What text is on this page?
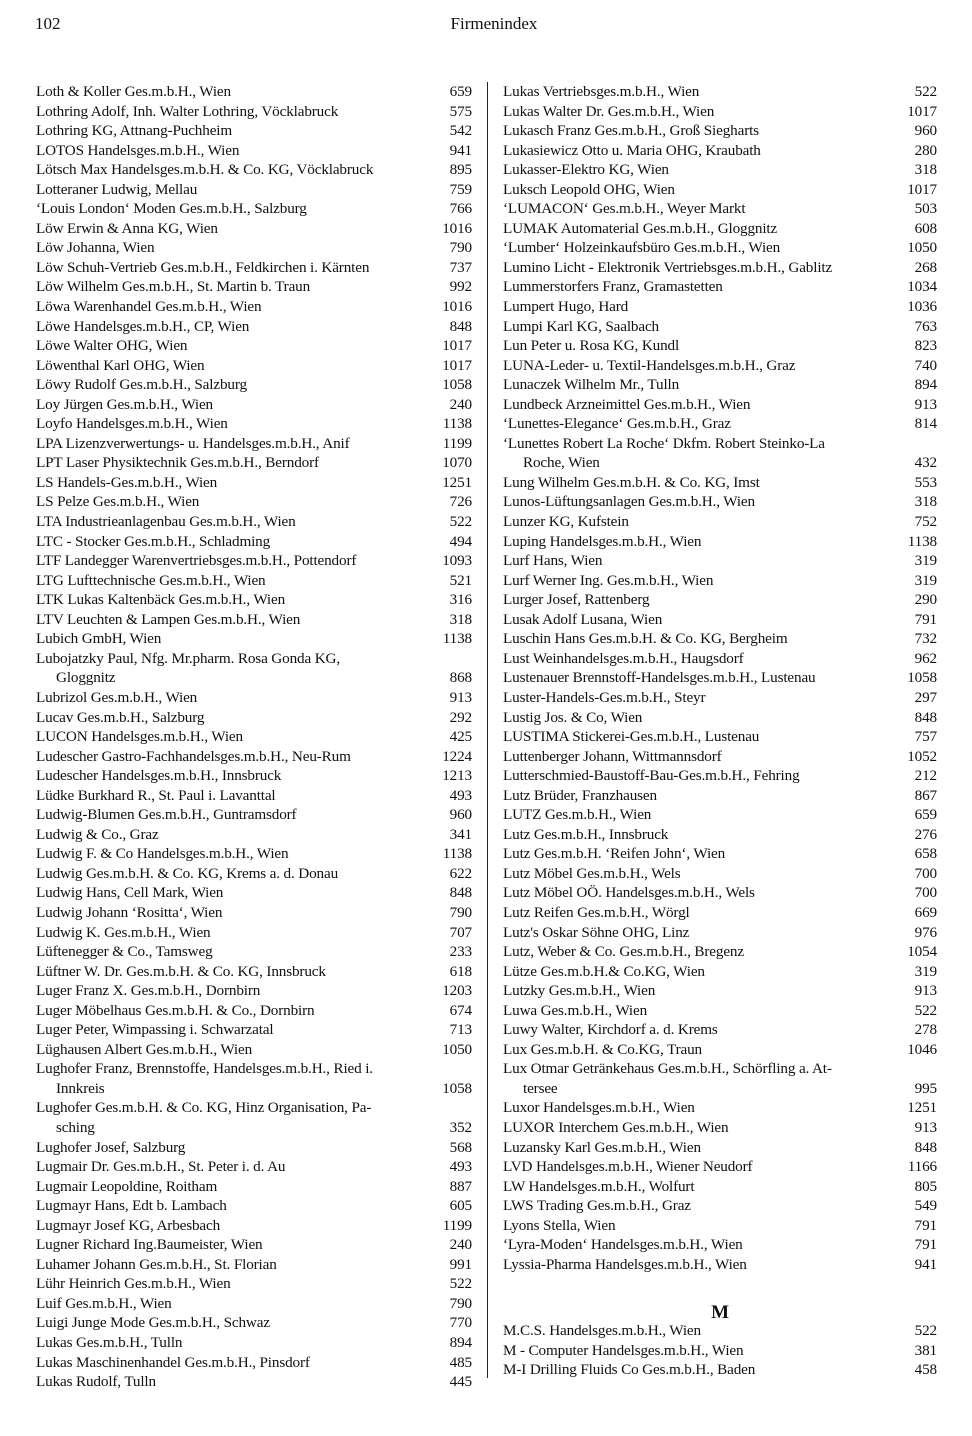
102	Firmenindex
Loth & Koller Ges.m.b.H., Wien	659
Lothring Adolf, Inh. Walter Lothring, Vöcklabruck	575
Lothring KG, Attnang-Puchheim	542
LOTOS Handelsges.m.b.H., Wien	941
Lötsch Max Handelsges.m.b.H. & Co. KG, Vöcklabruck	895
Lotteraner Ludwig, Mellau	759
‘Louis London‘ Moden Ges.m.b.H., Salzburg	766
Löw Erwin & Anna KG, Wien	1016
Löw Johanna, Wien	790
Löw Schuh-Vertrieb Ges.m.b.H., Feldkirchen i. Kärnten	737
Löw Wilhelm Ges.m.b.H., St. Martin b. Traun	992
Löwa Warenhandel Ges.m.b.H., Wien	1016
Löwe Handelsges.m.b.H., CP, Wien	848
Löwe Walter OHG, Wien	1017
Löwenthal Karl OHG, Wien	1017
Löwy Rudolf Ges.m.b.H., Salzburg	1058
Loy Jürgen Ges.m.b.H., Wien	240
Loyfo Handelsges.m.b.H., Wien	1138
LPA Lizenzverwertungs- u. Handelsges.m.b.H., Anif	1199
LPT Laser Physiktechnik Ges.m.b.H., Berndorf	1070
LS Handels-Ges.m.b.H., Wien	1251
LS Pelze Ges.m.b.H., Wien	726
LTA Industrieanlagenbau Ges.m.b.H., Wien	522
LTC - Stocker Ges.m.b.H., Schladming	494
LTF Landegger Warenvertriebsges.m.b.H., Pottendorf	1093
LTG Lufttechnische Ges.m.b.H., Wien	521
LTK Lukas Kaltenbäck Ges.m.b.H., Wien	316
LTV Leuchten & Lampen Ges.m.b.H., Wien	318
Lubich GmbH, Wien	1138
Lubojatzky Paul, Nfg. Mr.pharm. Rosa Gonda KG,
Gloggnitz	868
Lubrizol Ges.m.b.H., Wien	913
Lucav Ges.m.b.H., Salzburg	292
LUCON Handelsges.m.b.H., Wien	425
Ludescher Gastro-Fachhandelsges.m.b.H., Neu-Rum	1224
Ludescher Handelsges.m.b.H., Innsbruck	1213
Lüdke Burkhard R., St. Paul i. Lavanttal	493
Ludwig-Blumen Ges.m.b.H., Guntramsdorf	960
Ludwig & Co., Graz	341
Ludwig F. & Co Handelsges.m.b.H., Wien	1138
Ludwig Ges.m.b.H. & Co. KG, Krems a. d. Donau	622
Ludwig Hans, Cell Mark, Wien	848
Ludwig Johann ‘Rositta‘, Wien	790
Ludwig K. Ges.m.b.H., Wien	707
Lüftenegger & Co., Tamsweg	233
Lüftner W. Dr. Ges.m.b.H. & Co. KG, Innsbruck	618
Luger Franz X. Ges.m.b.H., Dornbirn	1203
Luger Möbelhaus Ges.m.b.H. & Co., Dornbirn	674
Luger Peter, Wimpassing i. Schwarzatal	713
Lüghausen Albert Ges.m.b.H., Wien	1050
Lughofer Franz, Brennstoffe, Handelsges.m.b.H., Ried i.
Innkreis	1058
Lughofer Ges.m.b.H. & Co. KG, Hinz Organisation, Pa-
sching	352
Lughofer Josef, Salzburg	568
Lugmair Dr. Ges.m.b.H., St. Peter i. d. Au	493
Lugmair Leopoldine, Roitham	887
Lugmayr Hans, Edt b. Lambach	605
Lugmayr Josef KG, Arbesbach	1199
Lugner Richard Ing.Baumeister, Wien	240
Luhamer Johann Ges.m.b.H., St. Florian	991
Lühr Heinrich Ges.m.b.H., Wien	522
Luif Ges.m.b.H., Wien	790
Luigi Junge Mode Ges.m.b.H., Schwaz	770
Lukas Ges.m.b.H., Tulln	894
Lukas Maschinenhandel Ges.m.b.H., Pinsdorf	485
Lukas Rudolf, Tulln	445
Lukas Vertriebsges.m.b.H., Wien	522
Lukas Walter Dr. Ges.m.b.H., Wien	1017
Lukasch Franz Ges.m.b.H., Groß Siegharts	960
Lukasiewicz Otto u. Maria OHG, Kraubath	280
Lukasser-Elektro KG, Wien	318
Luksch Leopold OHG, Wien	1017
‘LUMACON‘ Ges.m.b.H., Weyer Markt	503
LUMAK Automaterial Ges.m.b.H., Gloggnitz	608
‘Lumber‘ Holzeinkaufsbüro Ges.m.b.H., Wien	1050
Lumino Licht - Elektronik Vertriebsges.m.b.H., Gablitz	268
Lummerstorfers Franz, Gramastetten	1034
Lumpert Hugo, Hard	1036
Lumpi Karl KG, Saalbach	763
Lun Peter u. Rosa KG, Kundl	823
LUNA-Leder- u. Textil-Handelsges.m.b.H., Graz	740
Lunaczek Wilhelm Mr., Tulln	894
Lundbeck Arzneimittel Ges.m.b.H., Wien	913
‘Lunettes-Elegance‘ Ges.m.b.H., Graz	814
‘Lunettes Robert La Roche‘ Dkfm. Robert Steinko-La
Roche, Wien	432
Lung Wilhelm Ges.m.b.H. & Co. KG, Imst	553
Lunos-Lüftungsanlagen Ges.m.b.H., Wien	318
Lunzer KG, Kufstein	752
Luping Handelsges.m.b.H., Wien	1138
Lurf Hans, Wien	319
Lurf Werner Ing. Ges.m.b.H., Wien	319
Lurger Josef, Rattenberg	290
Lusak Adolf Lusana, Wien	791
Luschin Hans Ges.m.b.H. & Co. KG, Bergheim	732
Lust Weinhandelsges.m.b.H., Haugsdorf	962
Lustenauer Brennstoff-Handelsges.m.b.H., Lustenau	1058
Luster-Handels-Ges.m.b.H., Steyr	297
Lustig Jos. & Co, Wien	848
LUSTIMA Stickerei-Ges.m.b.H., Lustenau	757
Luttenberger Johann, Wittmannsdorf	1052
Lutterschmied-Baustoff-Bau-Ges.m.b.H., Fehring	212
Lutz Brüder, Franzhausen	867
LUTZ Ges.m.b.H., Wien	659
Lutz Ges.m.b.H., Innsbruck	276
Lutz Ges.m.b.H. ‘Reifen John‘, Wien	658
Lutz Möbel Ges.m.b.H., Wels	700
Lutz Möbel OÖ. Handelsges.m.b.H., Wels	700
Lutz Reifen Ges.m.b.H., Wörgl	669
Lutz's Oskar Söhne OHG, Linz	976
Lutz, Weber & Co. Ges.m.b.H., Bregenz	1054
Lütze Ges.m.b.H.& Co.KG, Wien	319
Lutzky Ges.m.b.H., Wien	913
Luwa Ges.m.b.H., Wien	522
Luwy Walter, Kirchdorf a. d. Krems	278
Lux Ges.m.b.H. & Co.KG, Traun	1046
Lux Otmar Getränkehaus Ges.m.b.H., Schörfling a. At-
tersee	995
Luxor Handelsges.m.b.H., Wien	1251
LUXOR Interchem Ges.m.b.H., Wien	913
Luzansky Karl Ges.m.b.H., Wien	848
LVD Handelsges.m.b.H., Wiener Neudorf	1166
LW Handelsges.m.b.H., Wolfurt	805
LWS Trading Ges.m.b.H., Graz	549
Lyons Stella, Wien	791
‘Lyra-Moden‘ Handelsges.m.b.H., Wien	791
Lyssia-Pharma Handelsges.m.b.H., Wien	941
M
M.C.S. Handelsges.m.b.H., Wien	522
M - Computer Handelsges.m.b.H., Wien	381
M-I Drilling Fluids Co Ges.m.b.H., Baden	458
